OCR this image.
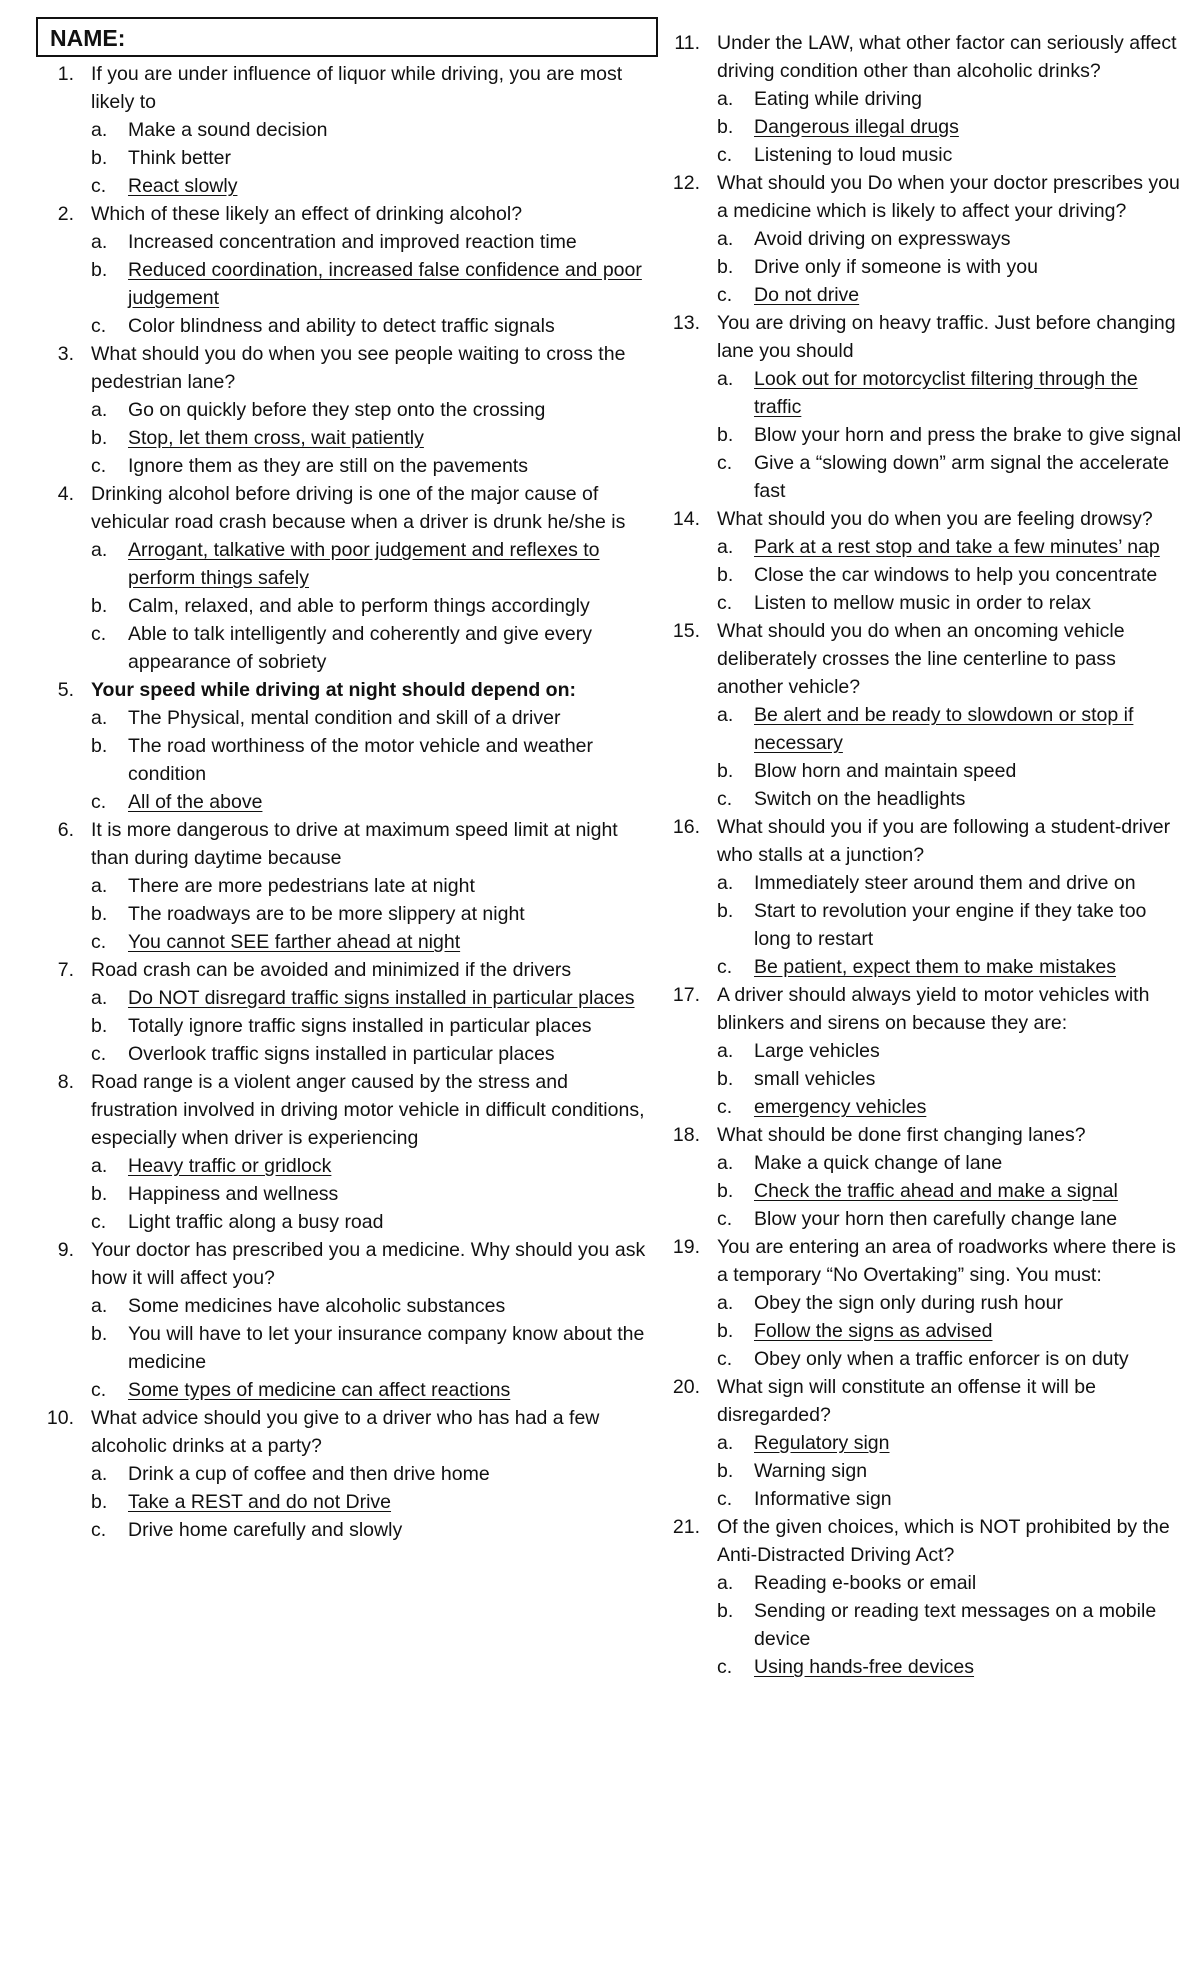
NAME:
1. If you are under influence of liquor while driving, you are most likely to
a. Make a sound decision
b. Think better
c. React slowly
2. Which of these likely an effect of drinking alcohol?
a. Increased concentration and improved reaction time
b. Reduced coordination, increased false confidence and poor judgement
c. Color blindness and ability to detect traffic signals
3. What should you do when you see people waiting to cross the pedestrian lane?
a. Go on quickly before they step onto the crossing
b. Stop, let them cross, wait patiently
c. Ignore them as they are still on the pavements
4. Drinking alcohol before driving is one of the major cause of vehicular road crash because when a driver is drunk he/she is
a. Arrogant, talkative with poor judgement and reflexes to perform things safely
b. Calm, relaxed, and able to perform things accordingly
c. Able to talk intelligently and coherently and give every appearance of sobriety
5. Your speed while driving at night should depend on:
a. The Physical, mental condition and skill of a driver
b. The road worthiness of the motor vehicle and weather condition
c. All of the above
6. It is more dangerous to drive at maximum speed limit at night than during daytime because
a. There are more pedestrians late at night
b. The roadways are to be more slippery at night
c. You cannot SEE farther ahead at night
7. Road crash can be avoided and minimized if the drivers
a. Do NOT disregard traffic signs installed in particular places
b. Totally ignore traffic signs installed in particular places
c. Overlook traffic signs installed in particular places
8. Road range is a violent anger caused by the stress and frustration involved in driving motor vehicle in difficult conditions, especially when driver is experiencing
a. Heavy traffic or gridlock
b. Happiness and wellness
c. Light traffic along a busy road
9. Your doctor has prescribed you a medicine. Why should you ask how it will affect you?
a. Some medicines have alcoholic substances
b. You will have to let your insurance company know about the medicine
c. Some types of medicine can affect reactions
10. What advice should you give to a driver who has had a few alcoholic drinks at a party?
a. Drink a cup of coffee and then drive home
b. Take a REST and do not Drive
c. Drive home carefully and slowly
11. Under the LAW, what other factor can seriously affect driving condition other than alcoholic drinks?
a. Eating while driving
b. Dangerous illegal drugs
c. Listening to loud music
12. What should you Do when your doctor prescribes you a medicine which is likely to affect your driving?
a. Avoid driving on expressways
b. Drive only if someone is with you
c. Do not drive
13. You are driving on heavy traffic. Just before changing lane you should
a. Look out for motorcyclist filtering through the traffic
b. Blow your horn and press the brake to give signal
c. Give a “slowing down” arm signal the accelerate fast
14. What should you do when you are feeling drowsy?
a. Park at a rest stop and take a few minutes’ nap
b. Close the car windows to help you concentrate
c. Listen to mellow music in order to relax
15. What should you do when an oncoming vehicle deliberately crosses the line centerline to pass another vehicle?
a. Be alert and be ready to slowdown or stop if necessary
b. Blow horn and maintain speed
c. Switch on the headlights
16. What should you if you are following a student-driver who stalls at a junction?
a. Immediately steer around them and drive on
b. Start to revolution your engine if they take too long to restart
c. Be patient, expect them to make mistakes
17. A driver should always yield to motor vehicles with blinkers and sirens on because they are:
a. Large vehicles
b. small vehicles
c. emergency vehicles
18. What should be done first changing lanes?
a. Make a quick change of lane
b. Check the traffic ahead and make a signal
c. Blow your horn then carefully change lane
19. You are entering an area of roadworks where there is a temporary “No Overtaking” sing. You must:
a. Obey the sign only during rush hour
b. Follow the signs as advised
c. Obey only when a traffic enforcer is on duty
20. What sign will constitute an offense it will be disregarded?
a. Regulatory sign
b. Warning sign
c. Informative sign
21. Of the given choices, which is NOT prohibited by the Anti-Distracted Driving Act?
a. Reading e-books or email
b. Sending or reading text messages on a mobile device
c. Using hands-free devices
